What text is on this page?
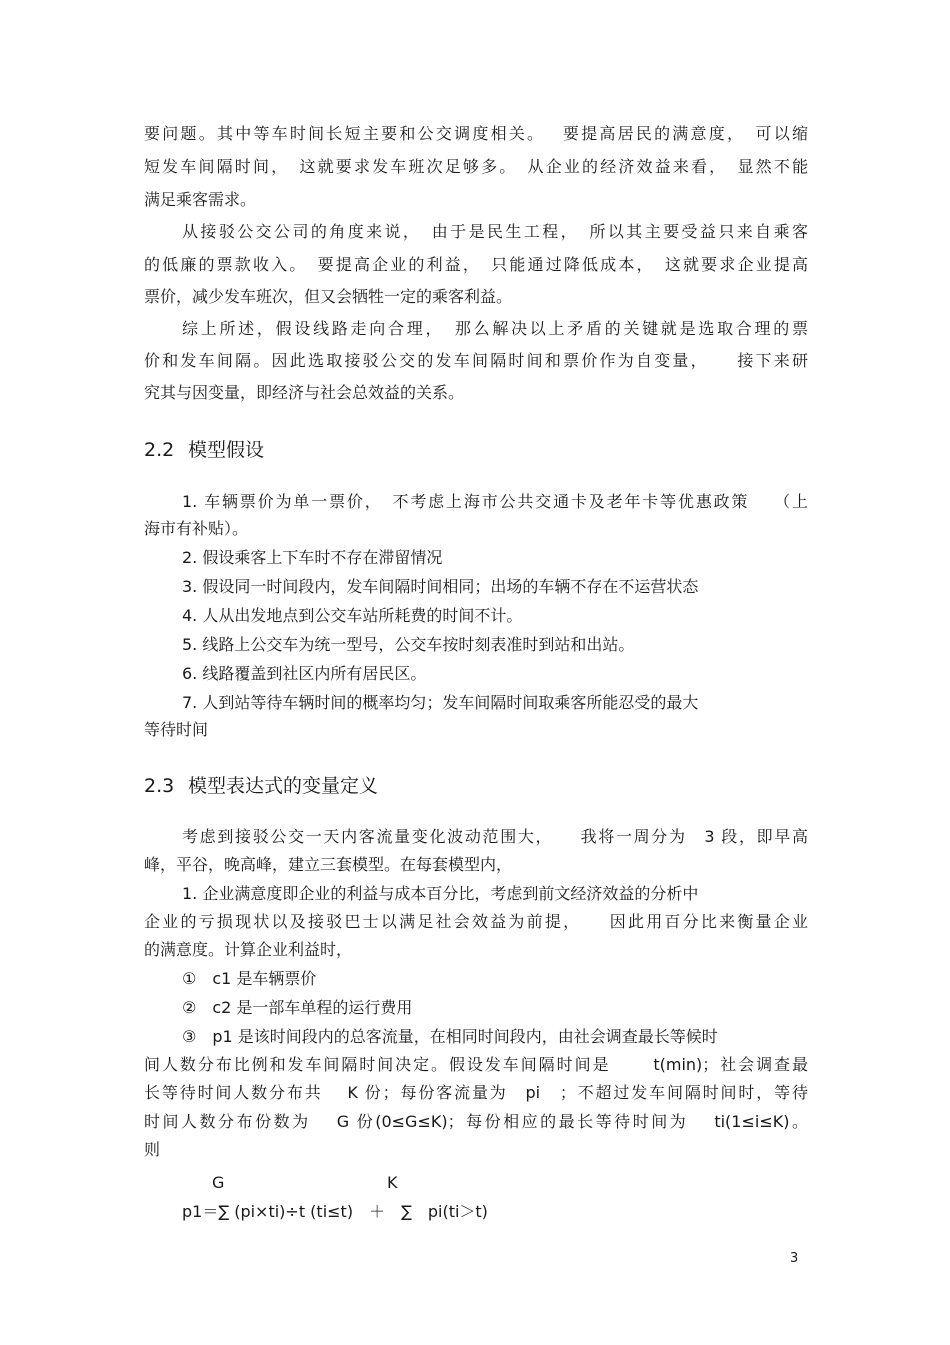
要问题。其中等车时间长短主要和公交调度相关。　 要提高居民的满意度，　可以缩
短发车间隔时间，　这就要求发车班次足够多。　从企业的经济效益来看，　显然不能
满足乘客需求。
从接驳公交公司的角度来说，　由于是民生工程，　所以其主要受益只来自乘客
的低廉的票款收入。　要提高企业的利益，　只能通过降低成本，　这就要求企业提高
票价，减少发车班次，但又会牺牲一定的乘客利益。
综上所述，假设线路走向合理，　那么解决以上矛盾的关键就是选取合理的票
价和发车间隔。因此选取接驳公交的发车间隔时间和票价作为自变量，　　接下来研
究其与因变量，即经济与社会总效益的关系。
2.2 模型假设
1. 车辆票价为单一票价，　不考虑上海市公共交通卡及老年卡等优惠政策　 （上
海市有补贴）。
2. 假设乘客上下车时不存在滞留情况
3. 假设同一时间段内，发车间隔时间相同；出场的车辆不存在不运营状态
4. 人从出发地点到公交车站所耗费的时间不计。
5. 线路上公交车为统一型号，公交车按时刻表准时到站和出站。
6. 线路覆盖到社区内所有居民区。
7. 人到站等待车辆时间的概率均匀；发车间隔时间取乘客所能忍受的最大
等待时间
2.3 模型表达式的变量定义
考虑到接驳公交一天内客流量变化波动范围大，　　我将一周分为　3 段，即早高
峰，平谷，晚高峰，建立三套模型。在每套模型内，
1. 企业满意度即企业的利益与成本百分比，考虑到前文经济效益的分析中
企业的亏损现状以及接驳巴士以满足社会效益为前提，　　因此用百分比来衡量企业
的满意度。计算企业利益时，
①　c1 是车辆票价
②　c2 是一部车单程的运行费用
③　p1 是该时间段内的总客流量，在相同时间段内，由社会调查最长等候时
间人数分布比例和发车间隔时间决定。假设发车间隔时间是　　 t(min)；社会调查最
长等待时间人数分布共　 K 份；每份客流量为　pi　；不超过发车间隔时间时，等待
时间人数分布份数为　 G 份(0≤G≤K)；每份相应的最长等待时间为　 ti(1≤i≤K)。
则
G	K
p1＝∑ (pi×ti)÷t (ti≤t)　＋　∑　pi(ti＞t)
3
